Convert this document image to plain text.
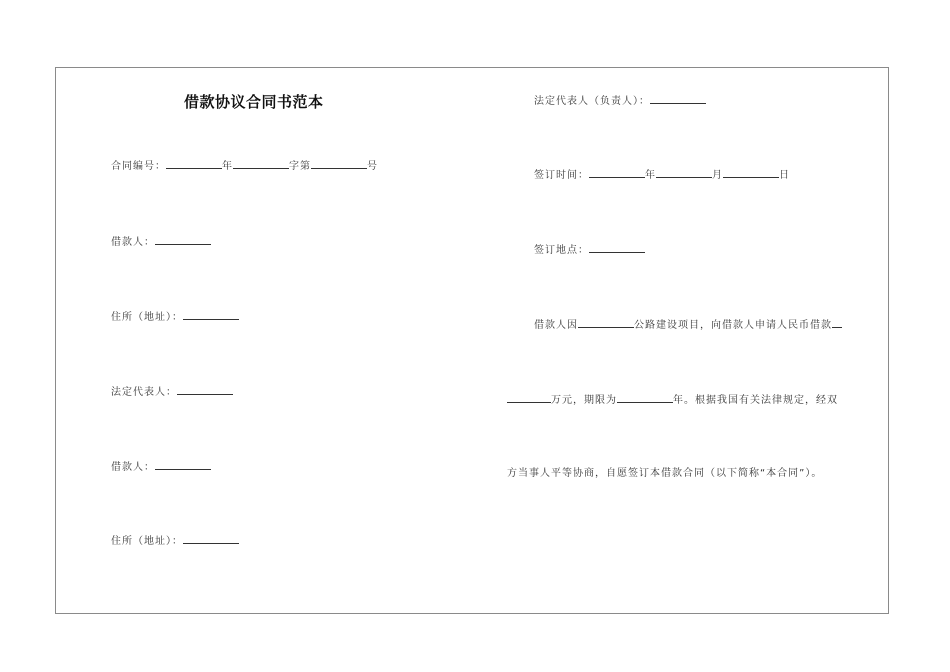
借款协议合同书范本
合同编号：	年	字第	号
借款人：
住所（地址）：
法定代表人：
借款人：
住所（地址）：
法定代表人（负责人）：
签订时间：	年	月	日
签订地点：
借款人因	公路建设项目，向借款人申请人民币借款
万元，期限为	年。根据我国有关法律规定，经双
方当事人平等协商，自愿签订本借款合同（以下简称“本合同”）。
